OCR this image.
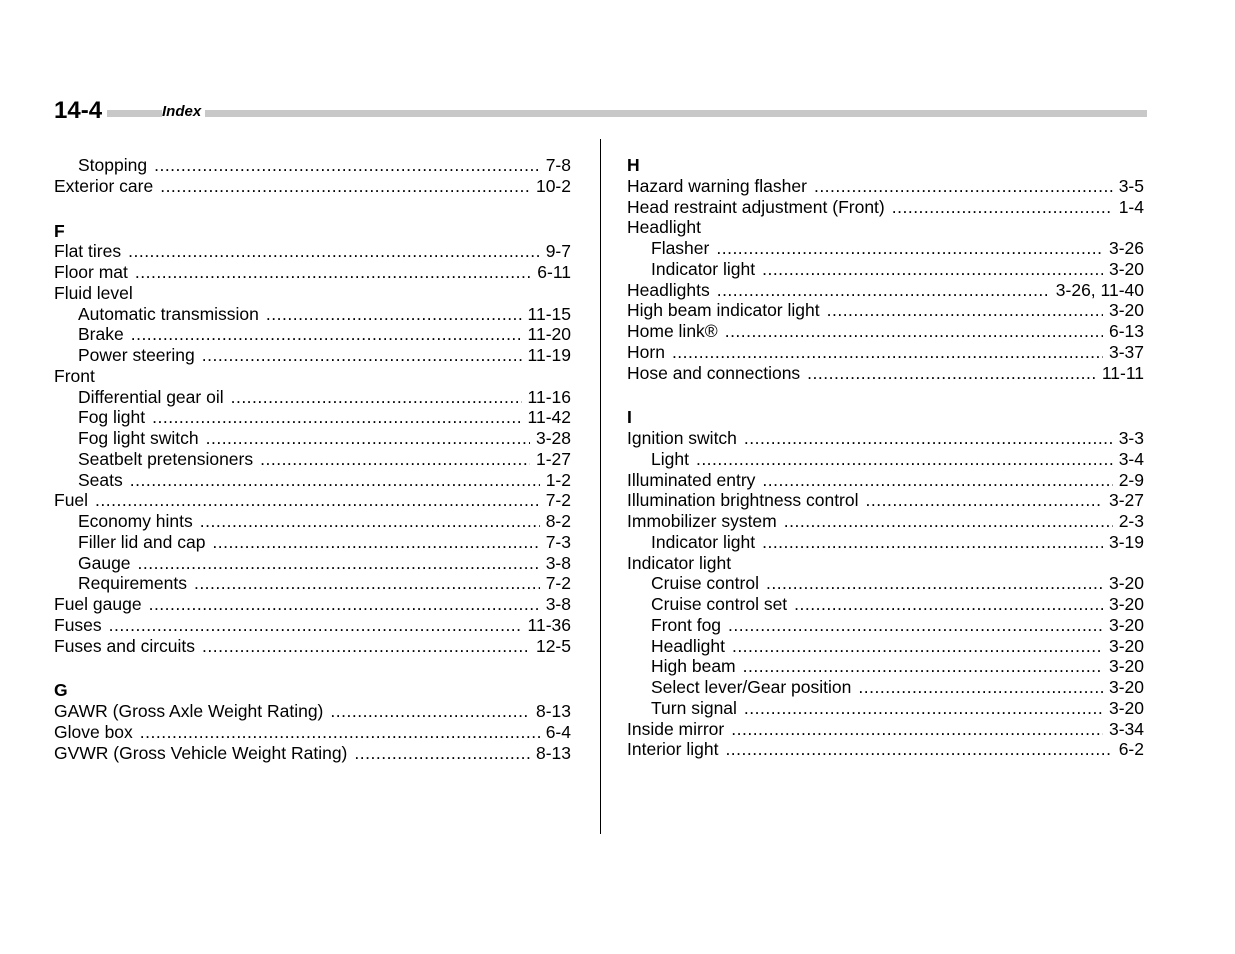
14-4	Index
Stopping .....	7-8
Exterior care .....	10-2
F
Flat tires .....	9-7
Floor mat .....	6-11
Fluid level
Automatic transmission .....	11-15
Brake .....	11-20
Power steering .....	11-19
Front
Differential gear oil .....	11-16
Fog light .....	11-42
Fog light switch .....	3-28
Seatbelt pretensioners .....	1-27
Seats .....	1-2
Fuel .....	7-2
Economy hints .....	8-2
Filler lid and cap .....	7-3
Gauge .....	3-8
Requirements .....	7-2
Fuel gauge .....	3-8
Fuses .....	11-36
Fuses and circuits .....	12-5
G
GAWR (Gross Axle Weight Rating) .....	8-13
Glove box .....	6-4
GVWR (Gross Vehicle Weight Rating) .....	8-13
H
Hazard warning flasher .....	3-5
Head restraint adjustment (Front) .....	1-4
Headlight
Flasher .....	3-26
Indicator light .....	3-20
Headlights .....	3-26, 11-40
High beam indicator light .....	3-20
Home link® .....	6-13
Horn .....	3-37
Hose and connections .....	11-11
I
Ignition switch .....	3-3
Light .....	3-4
Illuminated entry .....	2-9
Illumination brightness control .....	3-27
Immobilizer system .....	2-3
Indicator light .....	3-19
Indicator light
Cruise control .....	3-20
Cruise control set .....	3-20
Front fog .....	3-20
Headlight .....	3-20
High beam .....	3-20
Select lever/Gear position .....	3-20
Turn signal .....	3-20
Inside mirror .....	3-34
Interior light .....	6-2
